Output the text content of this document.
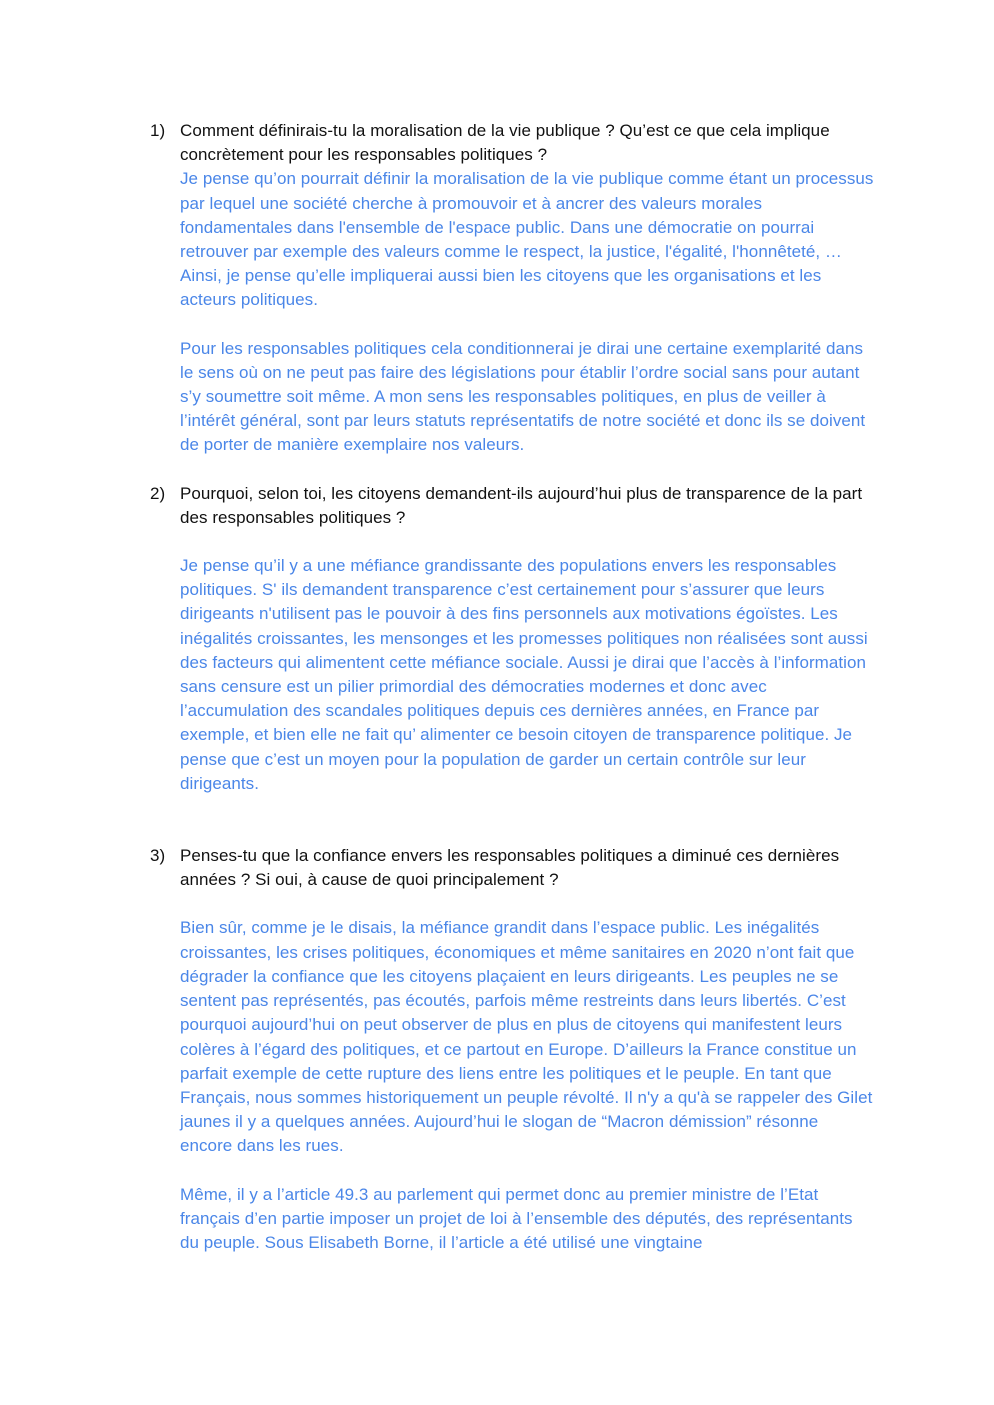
1) Comment définirais-tu la moralisation de la vie publique ? Qu’est ce que cela implique concrètement pour les responsables politiques ?

Je pense qu’on pourrait définir la moralisation de la vie publique comme étant un processus par lequel une société cherche à promouvoir et à ancrer des valeurs morales fondamentales dans l'ensemble de l'espace public. Dans une démocratie on pourrai retrouver par exemple des valeurs comme le respect, la justice, l'égalité, l'honnêteté, … Ainsi, je pense qu’elle impliquerai aussi bien les citoyens que les organisations et les acteurs politiques.

Pour les responsables politiques cela conditionnerai je dirai une certaine exemplarité dans le sens où on ne peut pas faire des législations pour établir l’ordre social sans pour autant s’y soumettre soit même. A mon sens les responsables politiques, en plus de veiller à l’intérêt général, sont par leurs statuts représentatifs de notre société et donc ils se doivent de porter de manière exemplaire nos valeurs.

2) Pourquoi, selon toi, les citoyens demandent-ils aujourd’hui plus de transparence de la part des responsables politiques ?

Je pense qu’il y a une méfiance grandissante des populations envers les responsables politiques. S' ils demandent transparence c’est certainement pour s’assurer que leurs dirigeants n'utilisent pas le pouvoir à des fins personnels aux motivations égoïstes. Les inégalités croissantes, les mensonges et les promesses politiques non réalisées sont aussi des facteurs qui alimentent cette méfiance sociale. Aussi je dirai que l’accès à l’information sans censure est un pilier primordial des démocraties modernes et donc avec l’accumulation des scandales politiques depuis ces dernières années, en France par exemple, et bien elle ne fait qu’ alimenter ce besoin citoyen de transparence politique. Je pense que c’est un moyen pour la population de garder un certain contrôle sur leur dirigeants.

3) Penses-tu que la confiance envers les responsables politiques a diminué ces dernières années ? Si oui, à cause de quoi principalement ?

Bien sûr, comme je le disais, la méfiance grandit dans l’espace public. Les inégalités croissantes, les crises politiques, économiques et même sanitaires en 2020 n’ont fait que dégrader la confiance que les citoyens plaçaient en leurs dirigeants. Les peuples ne se sentent pas représentés, pas écoutés, parfois même restreints dans leurs libertés. C’est pourquoi aujourd’hui on peut observer de plus en plus de citoyens qui manifestent leurs colères à l’égard des politiques, et ce partout en Europe. D’ailleurs la France constitue un parfait exemple de cette rupture des liens entre les politiques et le peuple. En tant que Français, nous sommes historiquement un peuple révolté. Il n'y a qu'à se rappeler des Gilet jaunes il y a quelques années. Aujourd’hui le slogan de “Macron démission” résonne encore dans les rues.

Même, il y a l’article 49.3 au parlement qui permet donc au premier ministre de l’Etat français d’en partie imposer un projet de loi à l’ensemble des députés, des représentants du peuple. Sous Elisabeth Borne, il l’article a été utilisé une vingtaine
